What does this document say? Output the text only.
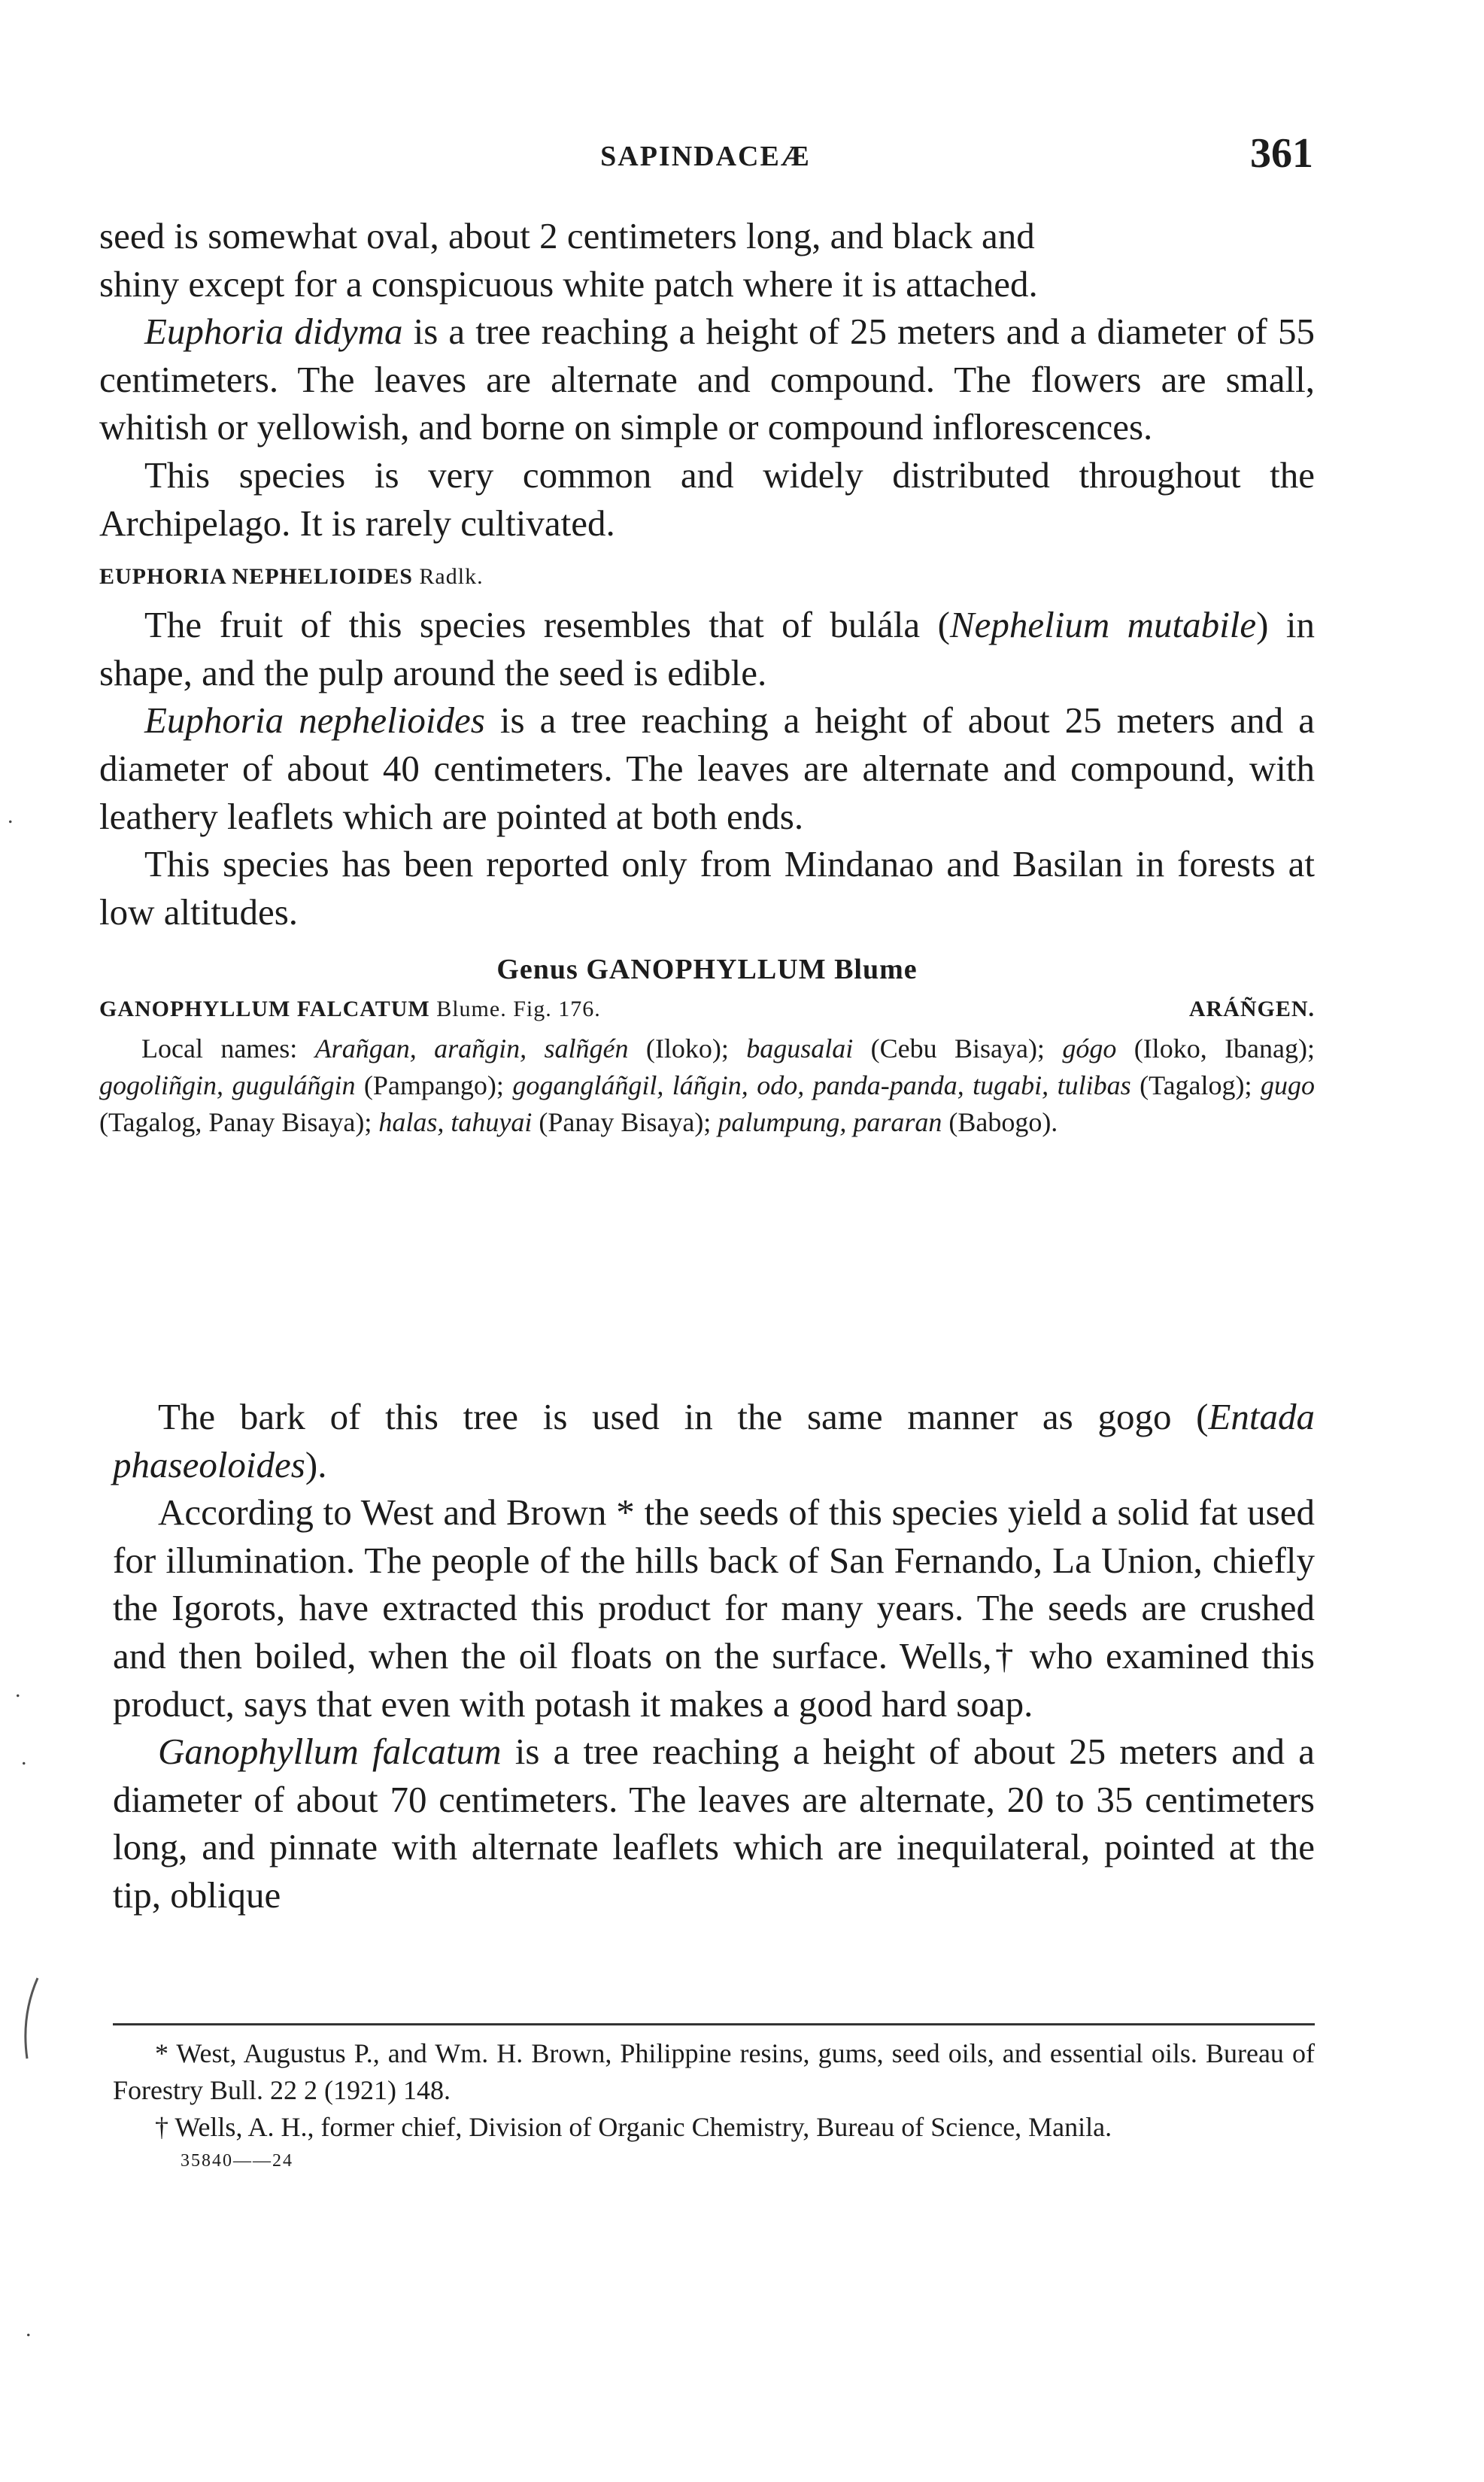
SAPINDACEÆ	361

seed is somewhat oval, about 2 centimeters long, and black and
shiny except for a conspicuous white patch where it is attached.

Euphoria didyma is a tree reaching a height of 25 meters and a diameter of 55 centimeters. The leaves are alternate and compound. The flowers are small, whitish or yellowish, and borne on simple or compound inflorescences.

This species is very common and widely distributed throughout the Archipelago. It is rarely cultivated.

EUPHORIA NEPHELIOIDES Radlk.

The fruit of this species resembles that of bulála (Nephelium mutabile) in shape, and the pulp around the seed is edible.

Euphoria nephelioides is a tree reaching a height of about 25 meters and a diameter of about 40 centimeters. The leaves are alternate and compound, with leathery leaflets which are pointed at both ends.

This species has been reported only from Mindanao and Basilan in forests at low altitudes.

Genus GANOPHYLLUM Blume
GANOPHYLLUM FALCATUM Blume. Fig. 176.	ARÁÑGEN.

Local names: Arañgan, arañgin, salñgén (Iloko); bagusalai (Cebu Bisaya); gógo (Iloko, Ibanag); gogoliñgin, guguláñgin (Pampango); gogangláñgil, láñgin, odo, panda-panda, tugabi, tulibas (Tagalog); gugo (Tagalog, Panay Bisaya); halas, tahuyai (Panay Bisaya); palumpung, pararan (Babogo).

The bark of this tree is used in the same manner as gogo (Entada phaseoloides).

According to West and Brown * the seeds of this species yield a solid fat used for illumination. The people of the hills back of San Fernando, La Union, chiefly the Igorots, have extracted this product for many years. The seeds are crushed and then boiled, when the oil floats on the surface. Wells,† who examined this product, says that even with potash it makes a good hard soap.

Ganophyllum falcatum is a tree reaching a height of about 25 meters and a diameter of about 70 centimeters. The leaves are alternate, 20 to 35 centimeters long, and pinnate with alternate leaflets which are inequilateral, pointed at the tip, oblique

* West, Augustus P., and Wm. H. Brown, Philippine resins, gums, seed oils, and essential oils. Bureau of Forestry Bull. 22 2 (1921) 148.

† Wells, A. H., former chief, Division of Organic Chemistry, Bureau of Science, Manila.

35840——24
.
.
.
.
